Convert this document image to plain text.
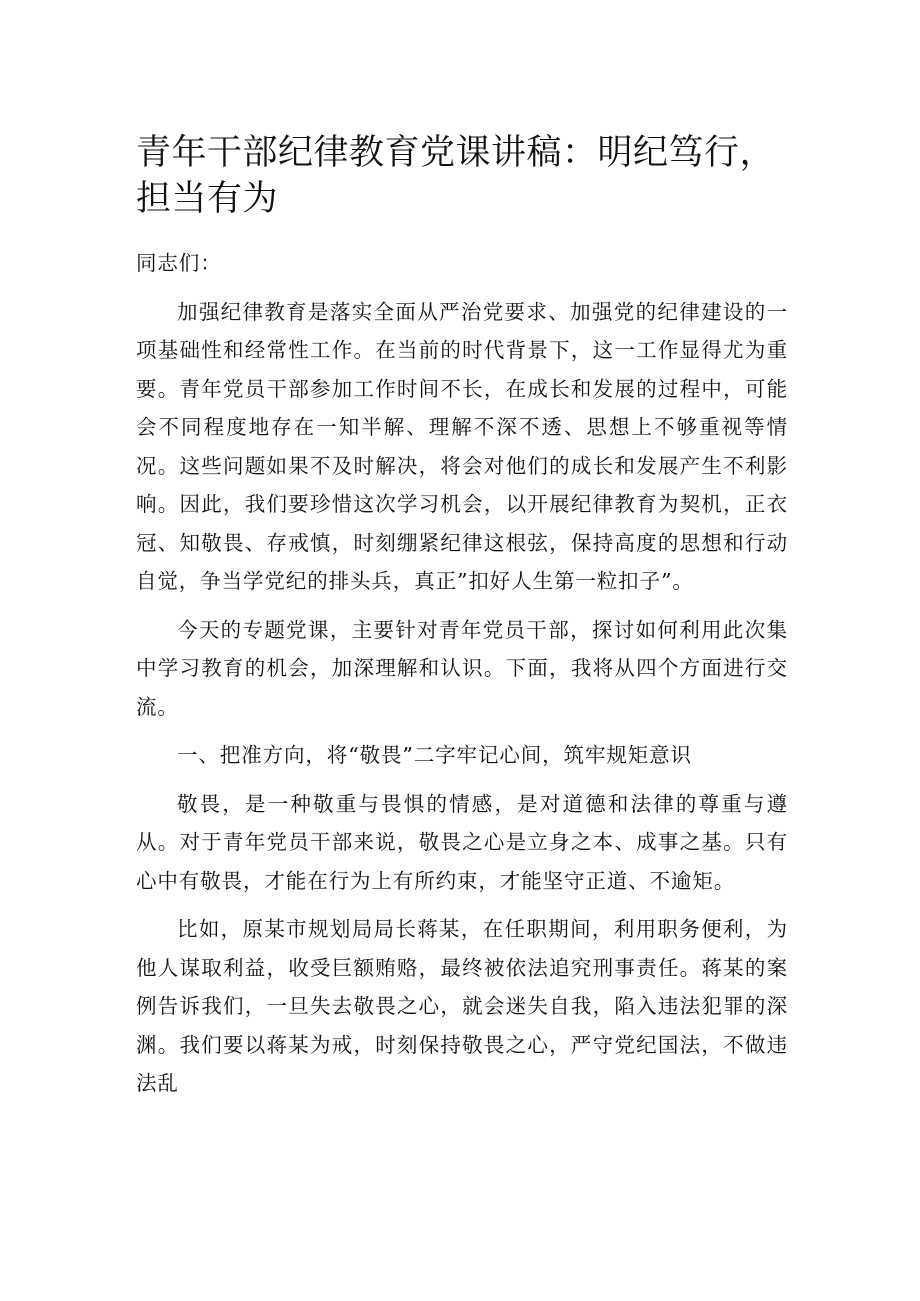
青年干部纪律教育党课讲稿：明纪笃行，担当有为

同志们：

加强纪律教育是落实全面从严治党要求、加强党的纪律建设的一项基础性和经常性工作。在当前的时代背景下，这一工作显得尤为重要。青年党员干部参加工作时间不长，在成长和发展的过程中，可能会不同程度地存在一知半解、理解不深不透、思想上不够重视等情况。这些问题如果不及时解决，将会对他们的成长和发展产生不利影响。因此，我们要珍惜这次学习机会，以开展纪律教育为契机，正衣冠、知敬畏、存戒慎，时刻绷紧纪律这根弦，保持高度的思想和行动自觉，争当学党纪的排头兵，真正”扣好人生第一粒扣子”。

今天的专题党课，主要针对青年党员干部，探讨如何利用此次集中学习教育的机会，加深理解和认识。下面，我将从四个方面进行交流。

一、把准方向，将“敬畏”二字牢记心间，筑牢规矩意识

敬畏，是一种敬重与畏惧的情感，是对道德和法律的尊重与遵从。对于青年党员干部来说，敬畏之心是立身之本、成事之基。只有心中有敬畏，才能在行为上有所约束，才能坚守正道、不逾矩。

比如，原某市规划局局长蒋某，在任职期间，利用职务便利，为他人谋取利益，收受巨额贿赂，最终被依法追究刑事责任。蒋某的案例告诉我们，一旦失去敬畏之心，就会迷失自我，陷入违法犯罪的深渊。我们要以蒋某为戒，时刻保持敬畏之心，严守党纪国法，不做违法乱
